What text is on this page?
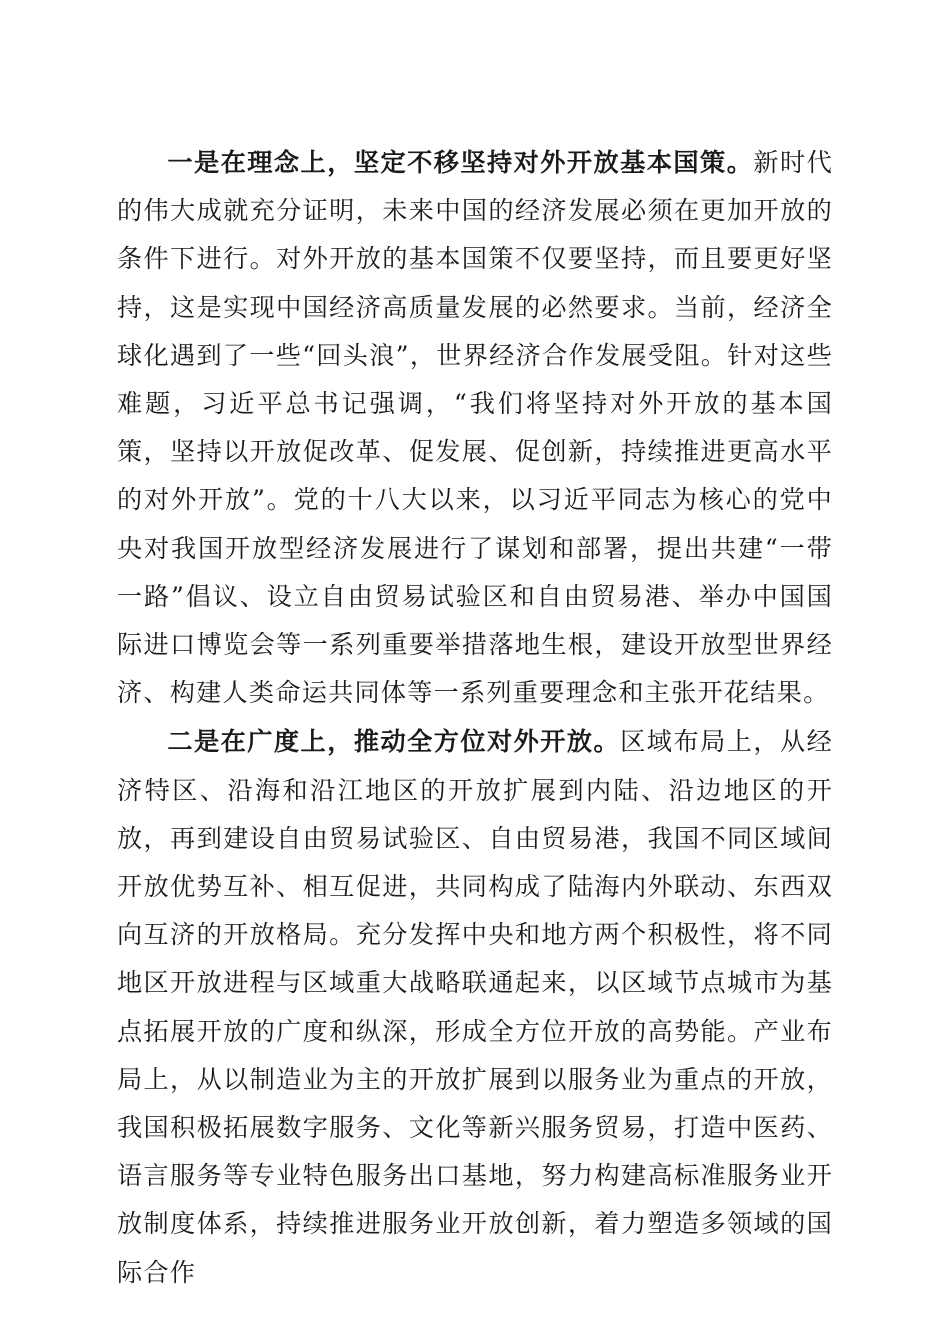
一是在理念上，坚定不移坚持对外开放基本国策。新时代的伟大成就充分证明，未来中国的经济发展必须在更加开放的条件下进行。对外开放的基本国策不仅要坚持，而且要更好坚持，这是实现中国经济高质量发展的必然要求。当前，经济全球化遇到了一些“回头浪”，世界经济合作发展受阻。针对这些难题，习近平总书记强调，“我们将坚持对外开放的基本国策，坚持以开放促改革、促发展、促创新，持续推进更高水平的对外开放”。党的十八大以来，以习近平同志为核心的党中央对我国开放型经济发展进行了谋划和部署，提出共建“一带一路”倡议、设立自由贸易试验区和自由贸易港、举办中国国际进口博览会等一系列重要举措落地生根，建设开放型世界经济、构建人类命运共同体等一系列重要理念和主张开花结果。

二是在广度上，推动全方位对外开放。区域布局上，从经济特区、沿海和沿江地区的开放扩展到内陆、沿边地区的开放，再到建设自由贸易试验区、自由贸易港，我国不同区域间开放优势互补、相互促进，共同构成了陆海内外联动、东西双向互济的开放格局。充分发挥中央和地方两个积极性，将不同地区开放进程与区域重大战略联通起来，以区域节点城市为基点拓展开放的广度和纵深，形成全方位开放的高势能。产业布局上，从以制造业为主的开放扩展到以服务业为重点的开放，我国积极拓展数字服务、文化等新兴服务贸易，打造中医药、语言服务等专业特色服务出口基地，努力构建高标准服务业开放制度体系，持续推进服务业开放创新，着力塑造多领域的国际合作
